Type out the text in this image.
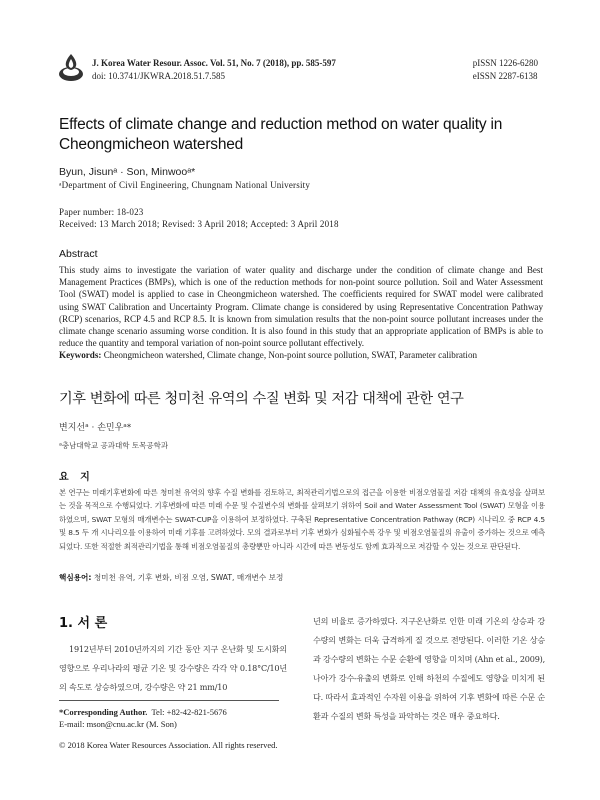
J. Korea Water Resour. Assoc. Vol. 51, No. 7 (2018), pp. 585-597
doi: 10.3741/JKWRA.2018.51.7.585
pISSN 1226-6280
eISSN 2287-6138
Effects of climate change and reduction method on water quality in Cheongmicheon watershed
Byun, Jisunᵃ · Son, Minwooᵃ*
ᵃDepartment of Civil Engineering, Chungnam National University
Paper number: 18-023
Received: 13 March 2018; Revised: 3 April 2018; Accepted: 3 April 2018
Abstract
This study aims to investigate the variation of water quality and discharge under the condition of climate change and Best Management Practices (BMPs), which is one of the reduction methods for non-point source pollution. Soil and Water Assessment Tool (SWAT) model is applied to case in Cheongmicheon watershed. The coefficients required for SWAT model were calibrated using SWAT Calibration and Uncertainty Program. Climate change is considered by using Representative Concentration Pathway (RCP) scenarios, RCP 4.5 and RCP 8.5. It is known from simulation results that the non-point source pollutant increases under the climate change scenario assuming worse condition. It is also found in this study that an appropriate application of BMPs is able to reduce the quantity and temporal variation of non-point source pollutant effectively.
Keywords: Cheongmicheon watershed, Climate change, Non-point source pollution, SWAT, Parameter calibration
기후 변화에 따른 청미천 유역의 수질 변화 및 저감 대책에 관한 연구
변지선ᵃ · 손민우ᵃ*
ᵃ충남대학교 공과대학 토목공학과
요 지
본 연구는 미래기후변화에 따른 청미천 유역의 향후 수질 변화를 검토하고, 최적관리기법으로의 접근을 이용한 비점오염물질 저감 대책의 유효성을 살펴보는 것을 목적으로 수행되었다. 기후변화에 따른 미래 수문 및 수질변수의 변화를 살펴보기 위하여 Soil and Water Assessment Tool (SWAT) 모형을 이용하였으며, SWAT 모형의 매개변수는 SWAT-CUP을 이용하여 보정하였다. 구축된 Representative Concentration Pathway (RCP) 시나리오 중 RCP 4.5 및 8.5 두 개 시나리오를 이용하여 미래 기후를 고려하였다. 모의 결과로부터 기후 변화가 심화될수록 강우 및 비점오염물질의 유출이 증가하는 것으로 예측되었다. 또한 적절한 최적관리기법을 통해 비점오염물질의 총량뿐만 아니라 시간에 따른 변동성도 함께 효과적으로 저감할 수 있는 것으로 판단된다.
핵심용어: 청미천 유역, 기후 변화, 비점 오염, SWAT, 매개변수 보정
1. 서 론
1912년부터 2010년까지의 기간 동안 지구 온난화 및 도시화의 영향으로 우리나라의 평균 기온 및 강수량은 각각 약 0.18°C/10년의 속도로 상승하였으며, 강수량은 약 21 mm/10
년의 비율로 증가하였다. 지구온난화로 인한 미래 기온의 상승과 강수량의 변화는 더욱 급격하게 질 것으로 전망된다. 이러한 기온 상승과 강수량의 변화는 수문 순환에 영향을 미치며 (Ahn et al., 2009), 나아가 강수-유출의 변화로 인해 하천의 수질에도 영향을 미치게 된다. 따라서 효과적인 수자원 이용을 위하여 기후 변화에 따른 수문 순환과 수질의 변화 특성을 파악하는 것은 매우 중요하다.
*Corresponding Author. Tel: +82-42-821-5676
E-mail: mson@cnu.ac.kr (M. Son)
© 2018 Korea Water Resources Association. All rights reserved.
